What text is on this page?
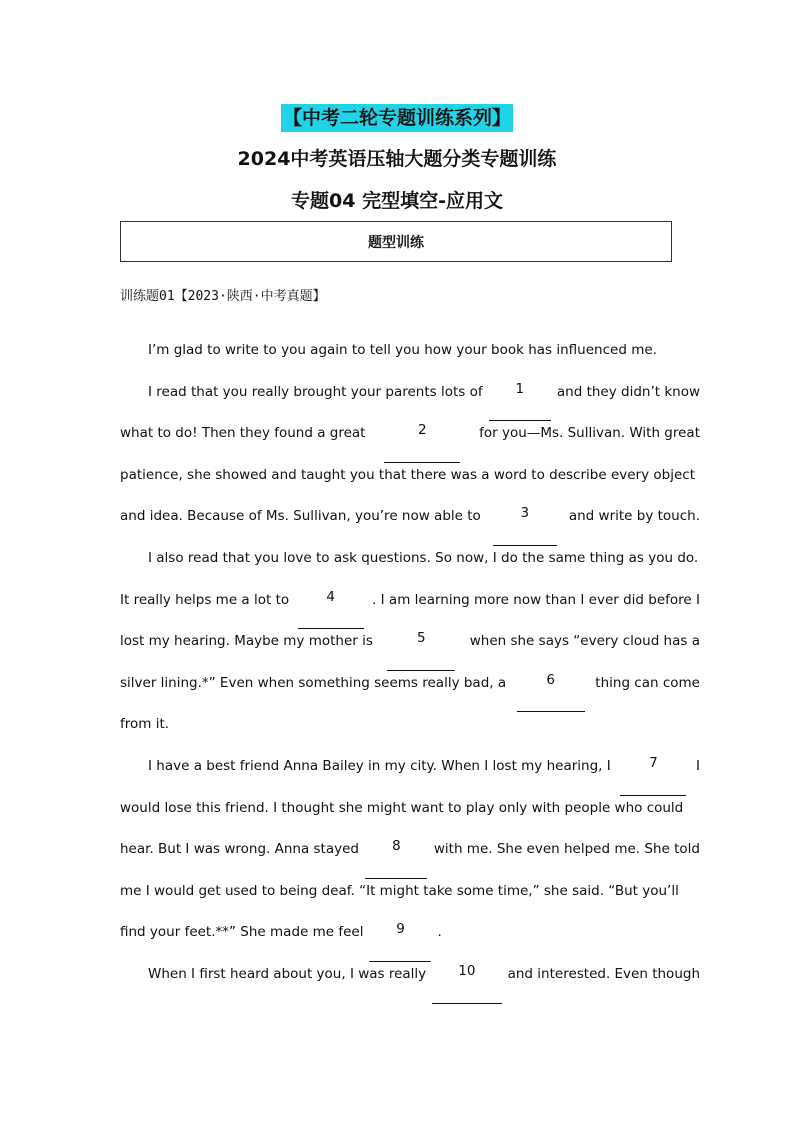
【中考二轮专题训练系列】
2024中考英语压轴大题分类专题训练
专题04 完型填空-应用文
题型训练
训练题01【2023·陕西·中考真题】
I’m glad to write to you again to tell you how your book has influenced me.
I read that you really brought your parents lots of	1	and they didn’t know
what to do! Then they found a great	2	for you—Ms. Sullivan. With great
patience, she showed and taught you that there was a word to describe every object
and idea. Because of Ms. Sullivan, you’re now able to	3	and write by touch.
I also read that you love to ask questions. So now, I do the same thing as you do.
It really helps me a lot to	4	. I am learning more now than I ever did before I
lost my hearing. Maybe my mother is	5	when she says “every cloud has a
silver lining.*” Even when something seems really bad, a	6	thing can come
from it.
I have a best friend Anna Bailey in my city. When I lost my hearing, I	7	I
would lose this friend. I thought she might want to play only with people who could
hear. But I was wrong. Anna stayed	8	with me. She even helped me. She told
me I would get used to being deaf. “It might take some time,” she said. “But you’ll
find your feet.**” She made me feel	9	.
When I first heard about you, I was really	10	and interested. Even though
